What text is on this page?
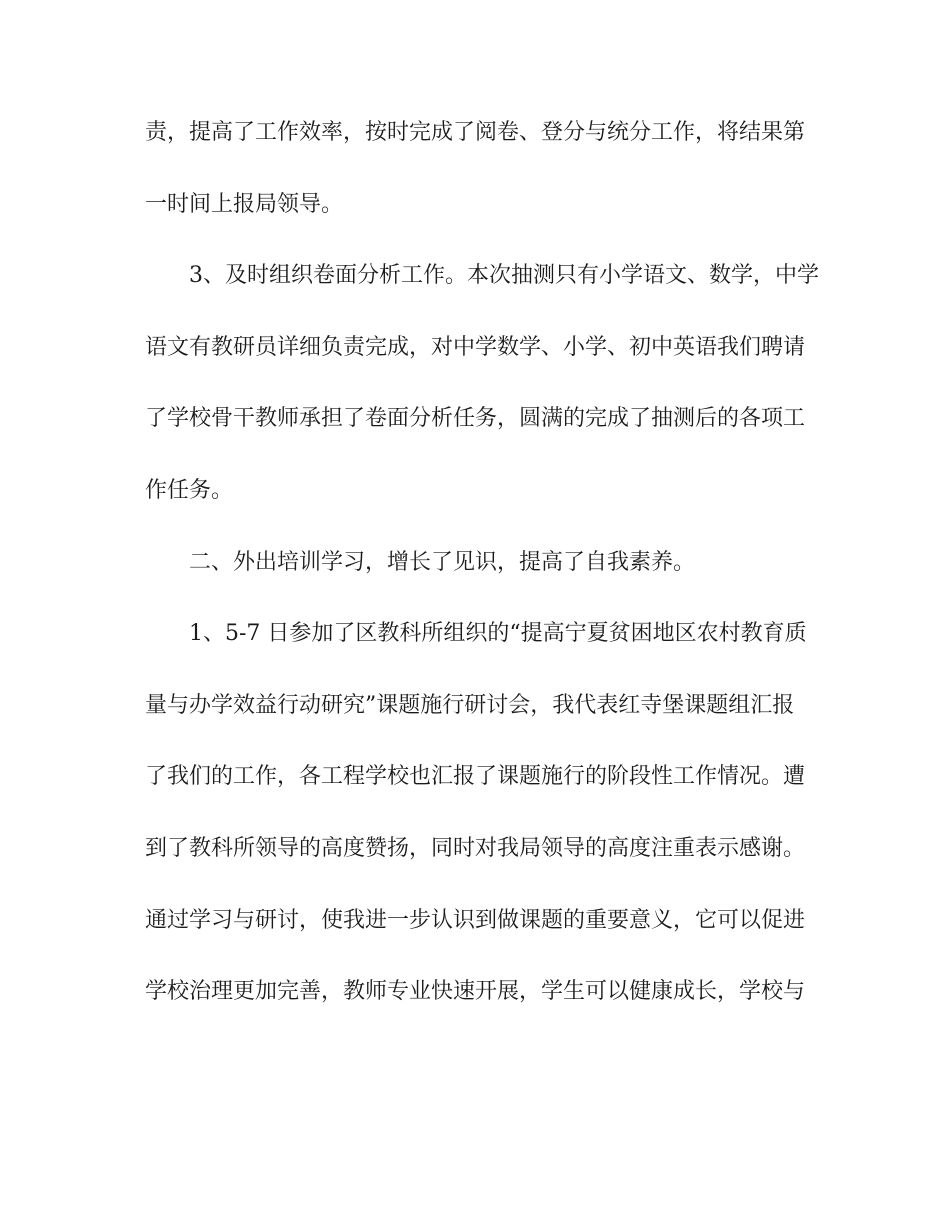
责，提高了工作效率，按时完成了阅卷、登分与统分工作，将结果第
一时间上报局领导。
3、及时组织卷面分析工作。本次抽测只有小学语文、数学，中学
语文有教研员详细负责完成，对中学数学、小学、初中英语我们聘请
了学校骨干教师承担了卷面分析任务，圆满的完成了抽测后的各项工
作任务。
二、外出培训学习，增长了见识，提高了自我素养。
1、5-7 日参加了区教科所组织的“提高宁夏贫困地区农村教育质
量与办学效益行动研究”课题施行研讨会，我代表红寺堡课题组汇报
了我们的工作，各工程学校也汇报了课题施行的阶段性工作情况。遭
到了教科所领导的高度赞扬，同时对我局领导的高度注重表示感谢。
通过学习与研讨，使我进一步认识到做课题的重要意义，它可以促进
学校治理更加完善，教师专业快速开展，学生可以健康成长，学校与
